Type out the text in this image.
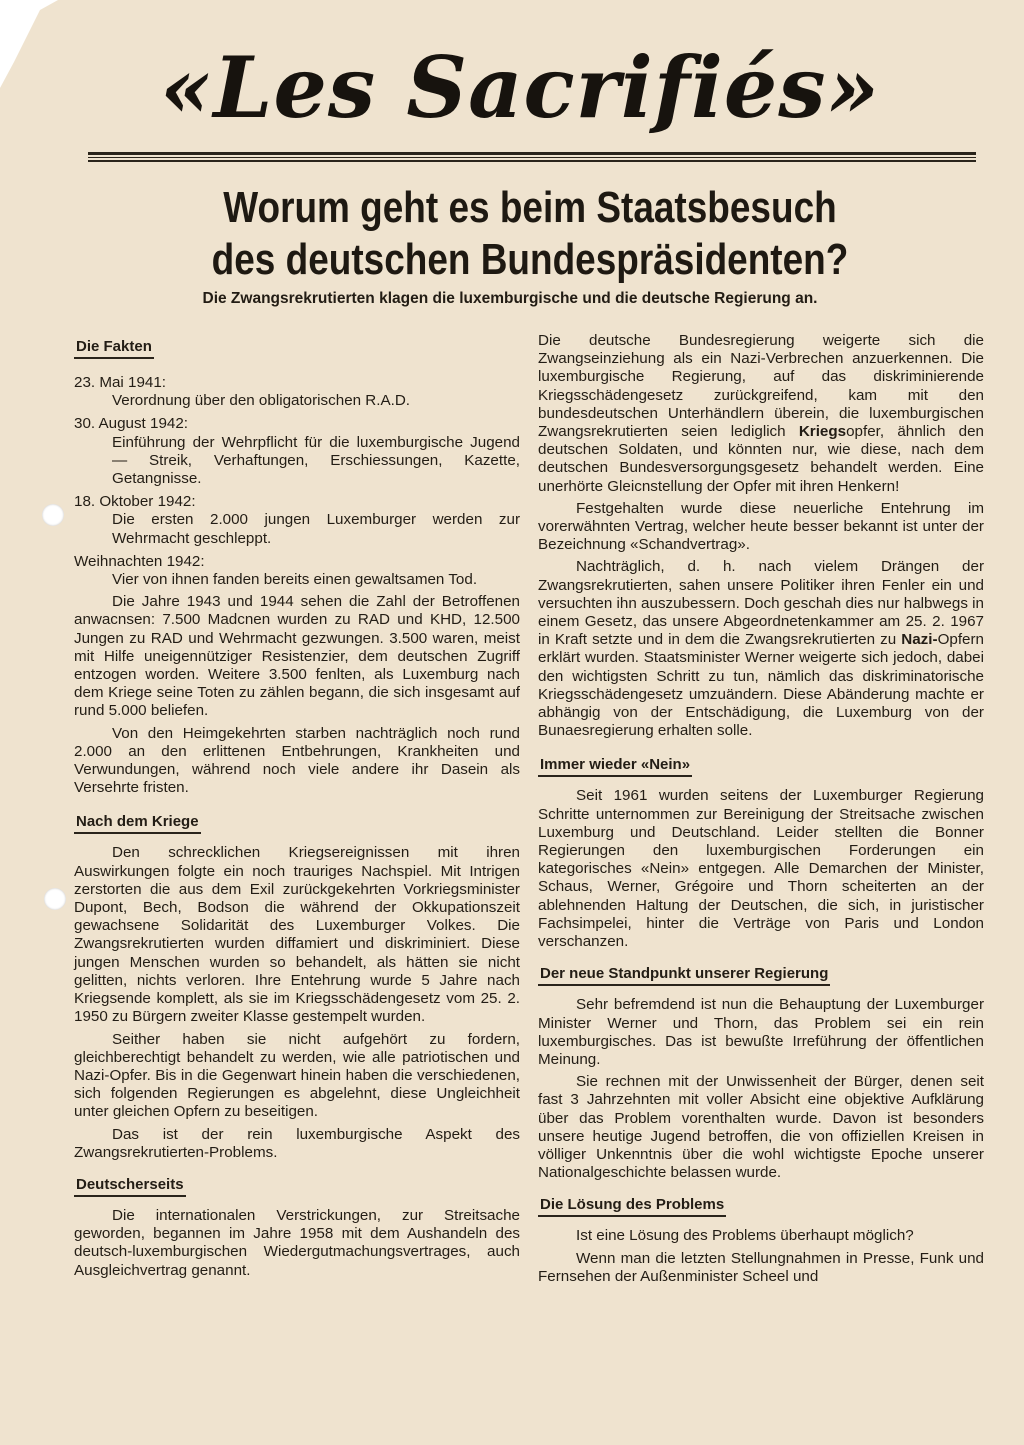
«Les Sacrifiés»
Worum geht es beim Staatsbesuch
des deutschen Bundespräsidenten?
Die Zwangsrekrutierten klagen die luxemburgische und die deutsche Regierung an.
Die Fakten

23. Mai 1941:

Verordnung über den obligatorischen R.A.D.

30. August 1942:

Einführung der Wehrpflicht für die luxemburgische Jugend — Streik, Verhaftungen, Erschiessungen, Kazette, Getangnisse.

18. Oktober 1942:

Die ersten 2.000 jungen Luxemburger werden zur Wehrmacht geschleppt.

Weihnachten 1942:

Vier von ihnen fanden bereits einen gewaltsamen Tod.

Die Jahre 1943 und 1944 sehen die Zahl der Betroffenen anwacnsen: 7.500 Madcnen wurden zu RAD und KHD, 12.500 Jungen zu RAD und Wehrmacht gezwungen. 3.500 waren, meist mit Hilfe uneigennütziger Resistenzier, dem deutschen Zugriff entzogen worden. Weitere 3.500 fenlten, als Luxemburg nach dem Kriege seine Toten zu zählen begann, die sich insgesamt auf rund 5.000 beliefen.

Von den Heimgekehrten starben nachträglich noch rund 2.000 an den erlittenen Entbehrungen, Krankheiten und Verwundungen, während noch viele andere ihr Dasein als Versehrte fristen.

Nach dem Kriege

Den schrecklichen Kriegsereignissen mit ihren Auswirkungen folgte ein noch trauriges Nachspiel. Mit Intrigen zerstorten die aus dem Exil zurückgekehrten Vorkriegsminister Dupont, Bech, Bodson die während der Okkupationszeit gewachsene Solidarität des Luxemburger Volkes. Die Zwangsrekrutierten wurden diffamiert und diskriminiert. Diese jungen Menschen wurden so behandelt, als hätten sie nicht gelitten, nichts verloren. Ihre Entehrung wurde 5 Jahre nach Kriegsende komplett, als sie im Kriegsschädengesetz vom 25. 2. 1950 zu Bürgern zweiter Klasse gestempelt wurden.

Seither haben sie nicht aufgehört zu fordern, gleichberechtigt behandelt zu werden, wie alle patriotischen und Nazi-Opfer. Bis in die Gegenwart hinein haben die verschiedenen, sich folgenden Regierungen es abgelehnt, diese Ungleichheit unter gleichen Opfern zu beseitigen.

Das ist der rein luxemburgische Aspekt des Zwangsrekrutierten-Problems.

Deutscherseits

Die internationalen Verstrickungen, zur Streitsache geworden, begannen im Jahre 1958 mit dem Aushandeln des deutsch-luxemburgischen Wiedergutmachungsvertrages, auch Ausgleichvertrag genannt.

Die deutsche Bundesregierung weigerte sich die Zwangseinziehung als ein Nazi-Verbrechen anzuerkennen. Die luxemburgische Regierung, auf das diskriminierende Kriegsschädengesetz zurückgreifend, kam mit den bundesdeutschen Unterhändlern überein, die luxemburgischen Zwangsrekrutierten seien lediglich Kriegsopfer, ähnlich den deutschen Soldaten, und könnten nur, wie diese, nach dem deutschen Bundesversorgungsgesetz behandelt werden. Eine unerhörte Gleicnstellung der Opfer mit ihren Henkern!

Festgehalten wurde diese neuerliche Entehrung im vorerwähnten Vertrag, welcher heute besser bekannt ist unter der Bezeichnung «Schandvertrag».

Nachträglich, d. h. nach vielem Drängen der Zwangsrekrutierten, sahen unsere Politiker ihren Fenler ein und versuchten ihn auszubessern. Doch geschah dies nur halbwegs in einem Gesetz, das unsere Abgeordnetenkammer am 25. 2. 1967 in Kraft setzte und in dem die Zwangsrekrutierten zu Nazi-Opfern erklärt wurden. Staatsminister Werner weigerte sich jedoch, dabei den wichtigsten Schritt zu tun, nämlich das diskriminatorische Kriegsschädengesetz umzuändern. Diese Abänderung machte er abhängig von der Entschädigung, die Luxemburg von der Bunaesregierung erhalten solle.

Immer wieder «Nein»

Seit 1961 wurden seitens der Luxemburger Regierung Schritte unternommen zur Bereinigung der Streitsache zwischen Luxemburg und Deutschland. Leider stellten die Bonner Regierungen den luxemburgischen Forderungen ein kategorisches «Nein» entgegen. Alle Demarchen der Minister, Schaus, Werner, Grégoire und Thorn scheiterten an der ablehnenden Haltung der Deutschen, die sich, in juristischer Fachsimpelei, hinter die Verträge von Paris und London verschanzen.

Der neue Standpunkt unserer Regierung

Sehr befremdend ist nun die Behauptung der Luxemburger Minister Werner und Thorn, das Problem sei ein rein luxemburgisches. Das ist bewußte Irreführung der öffentlichen Meinung.

Sie rechnen mit der Unwissenheit der Bürger, denen seit fast 3 Jahrzehnten mit voller Absicht eine objektive Aufklärung über das Problem vorenthalten wurde. Davon ist besonders unsere heutige Jugend betroffen, die von offiziellen Kreisen in völliger Unkenntnis über die wohl wichtigste Epoche unserer Nationalgeschichte belassen wurde.

Die Lösung des Problems

Ist eine Lösung des Problems überhaupt möglich?

Wenn man die letzten Stellungnahmen in Presse, Funk und Fernsehen der Außenminister Scheel und
